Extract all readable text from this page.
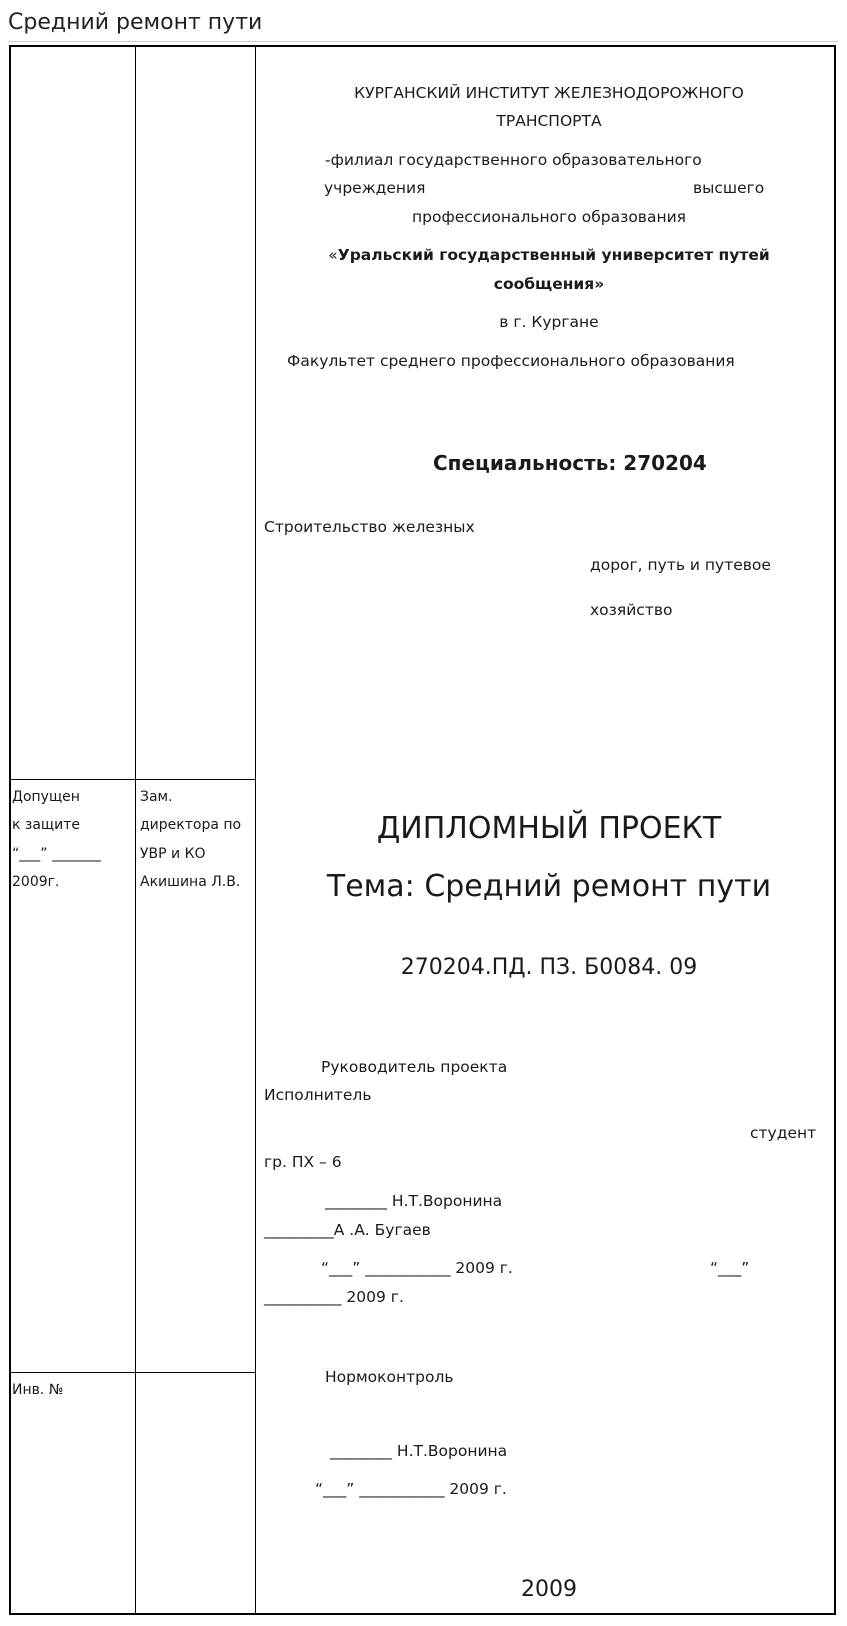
Средний ремонт пути
Допущен
к защите
“___” _______
2009г.
Зам.
директора по
УВР и КО
Акишина Л.В.
Инв. №
КУРГАНСКИЙ ИНСТИТУТ ЖЕЛЕЗНОДОРОЖНОГО
ТРАНСПОРТА
-филиал государственного образовательного
учреждения	высшего
профессионального образования
«Уральский государственный университет путей
сообщения»
в г. Кургане
Факультет среднего профессионального образования
Специальность: 270204
Строительство железных
дорог, путь и путевое
хозяйство
ДИПЛОМНЫЙ ПРОЕКТ
Тема: Средний ремонт пути
270204.ПД. ПЗ. Б0084. 09
Руководитель проекта
Исполнитель
студент
гр. ПХ – 6
________ Н.Т.Воронина
_________А .А. Бугаев
“___” ___________ 2009 г.	“___”
__________ 2009 г.
Нормоконтроль
________ Н.Т.Воронина
“___” ___________ 2009 г.
2009
